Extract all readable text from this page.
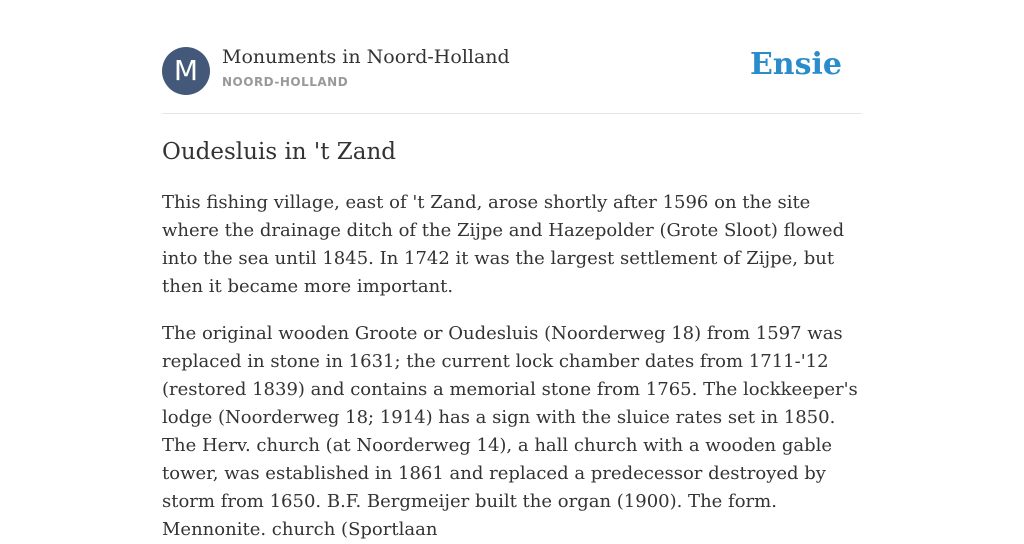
M	Monuments in Noord-Holland
NOORD-HOLLAND	Ensie
Oudesluis in 't Zand

This fishing village, east of 't Zand, arose shortly after 1596 on the site where the drainage ditch of the Zijpe and Hazepolder (Grote Sloot) flowed into the sea until 1845. In 1742 it was the largest settlement of Zijpe, but then it became more important.

The original wooden Groote or Oudesluis (Noorderweg 18) from 1597 was replaced in stone in 1631; the current lock chamber dates from 1711-'12 (restored 1839) and contains a memorial stone from 1765. The lockkeeper's lodge (Noorderweg 18; 1914) has a sign with the sluice rates set in 1850. The Herv. church (at Noorderweg 14), a hall church with a wooden gable tower, was established in 1861 and replaced a predecessor destroyed by storm from 1650. B.F. Bergmeijer built the organ (1900). The form. Mennonite. church (Sportlaan
